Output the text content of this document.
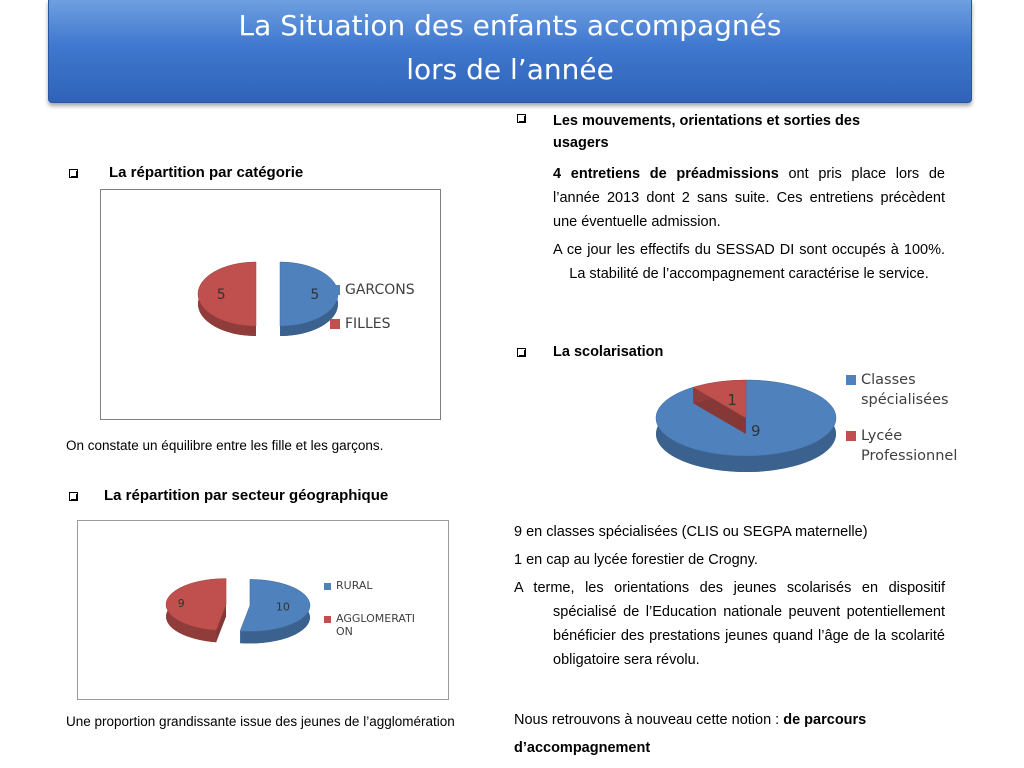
La Situation des enfants accompagnés
lors de l’année
La répartition par catégorie
5
5	GARCONS
FILLES
On constate un équilibre entre les fille et les garçons.
La répartition par secteur géographique
10
9
RURAL
AGGLOMERATI
ON
Une proportion grandissante issue des jeunes de l’agglomération
Les mouvements, orientations et sorties des usagers
4 entretiens de préadmissions ont pris place lors de l’année 2013 dont 2 sans suite. Ces entretiens précèdent une éventuelle admission.
A ce jour les effectifs du SESSAD DI sont occupés à 100%. La stabilité de l’accompagnement caractérise le service.
La scolarisation
9
1
Classes
spécialisées
Lycée
Professionnel
9 en classes spécialisées (CLIS ou SEGPA maternelle)
1 en cap au lycée forestier de Crogny.
A terme, les orientations des jeunes scolarisés en dispositif spécialisé de l’Education nationale peuvent potentiellement bénéficier des prestations jeunes quand l’âge de la scolarité obligatoire sera révolu.
Nous retrouvons à nouveau cette notion : de parcours d’accompagnement
